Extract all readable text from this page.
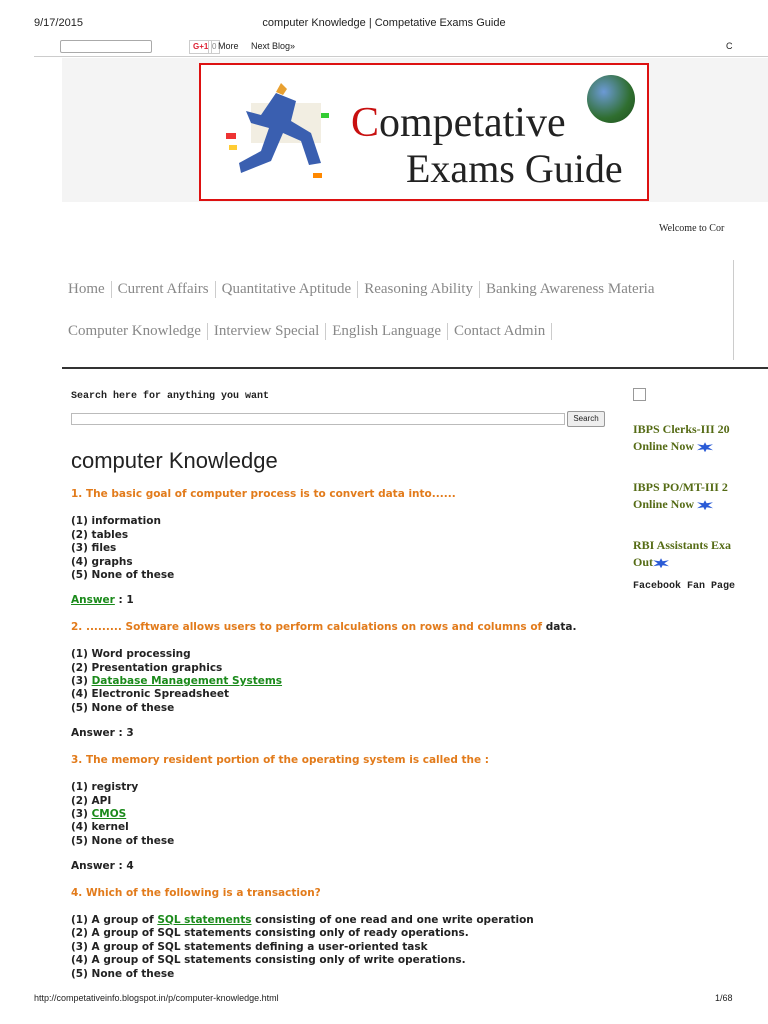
9/17/2015	computer Knowledge | Competative Exams Guide
G+1 0 More Next Blog»	C
Competative
Exams Guide
Welcome to Cor
Home Current Affairs Quantitative Aptitude Reasoning Ability Banking Awareness Materia
Computer Knowledge Interview Special English Language Contact Admin
Search here for anything you want
Search
computer Knowledge
1. The basic goal of computer process is to convert data into......
(1) information
(2) tables
(3) files
(4) graphs
(5) None of these
Answer : 1
2. ......... Software allows users to perform calculations on rows and columns of data.
(1) Word processing
(2) Presentation graphics
(3) Database Management Systems
(4) Electronic Spreadsheet
(5) None of these
Answer : 3
3. The memory resident portion of the operating system is called the :
(1) registry
(2) API
(3) CMOS
(4) kernel
(5) None of these
Answer : 4
4. Which of the following is a transaction?
(1) A group of SQL statements consisting of one read and one write operation
(2) A group of SQL statements consisting only of ready operations.
(3) A group of SQL statements defining a user-oriented task
(4) A group of SQL statements consisting only of write operations.
(5) None of these
IBPS Clerks-III 20
Online Now
IBPS PO/MT-III 2
Online Now
RBI Assistants Exa
Out
Facebook Fan Page
http://competativeinfo.blogspot.in/p/computer-knowledge.html	1/68
